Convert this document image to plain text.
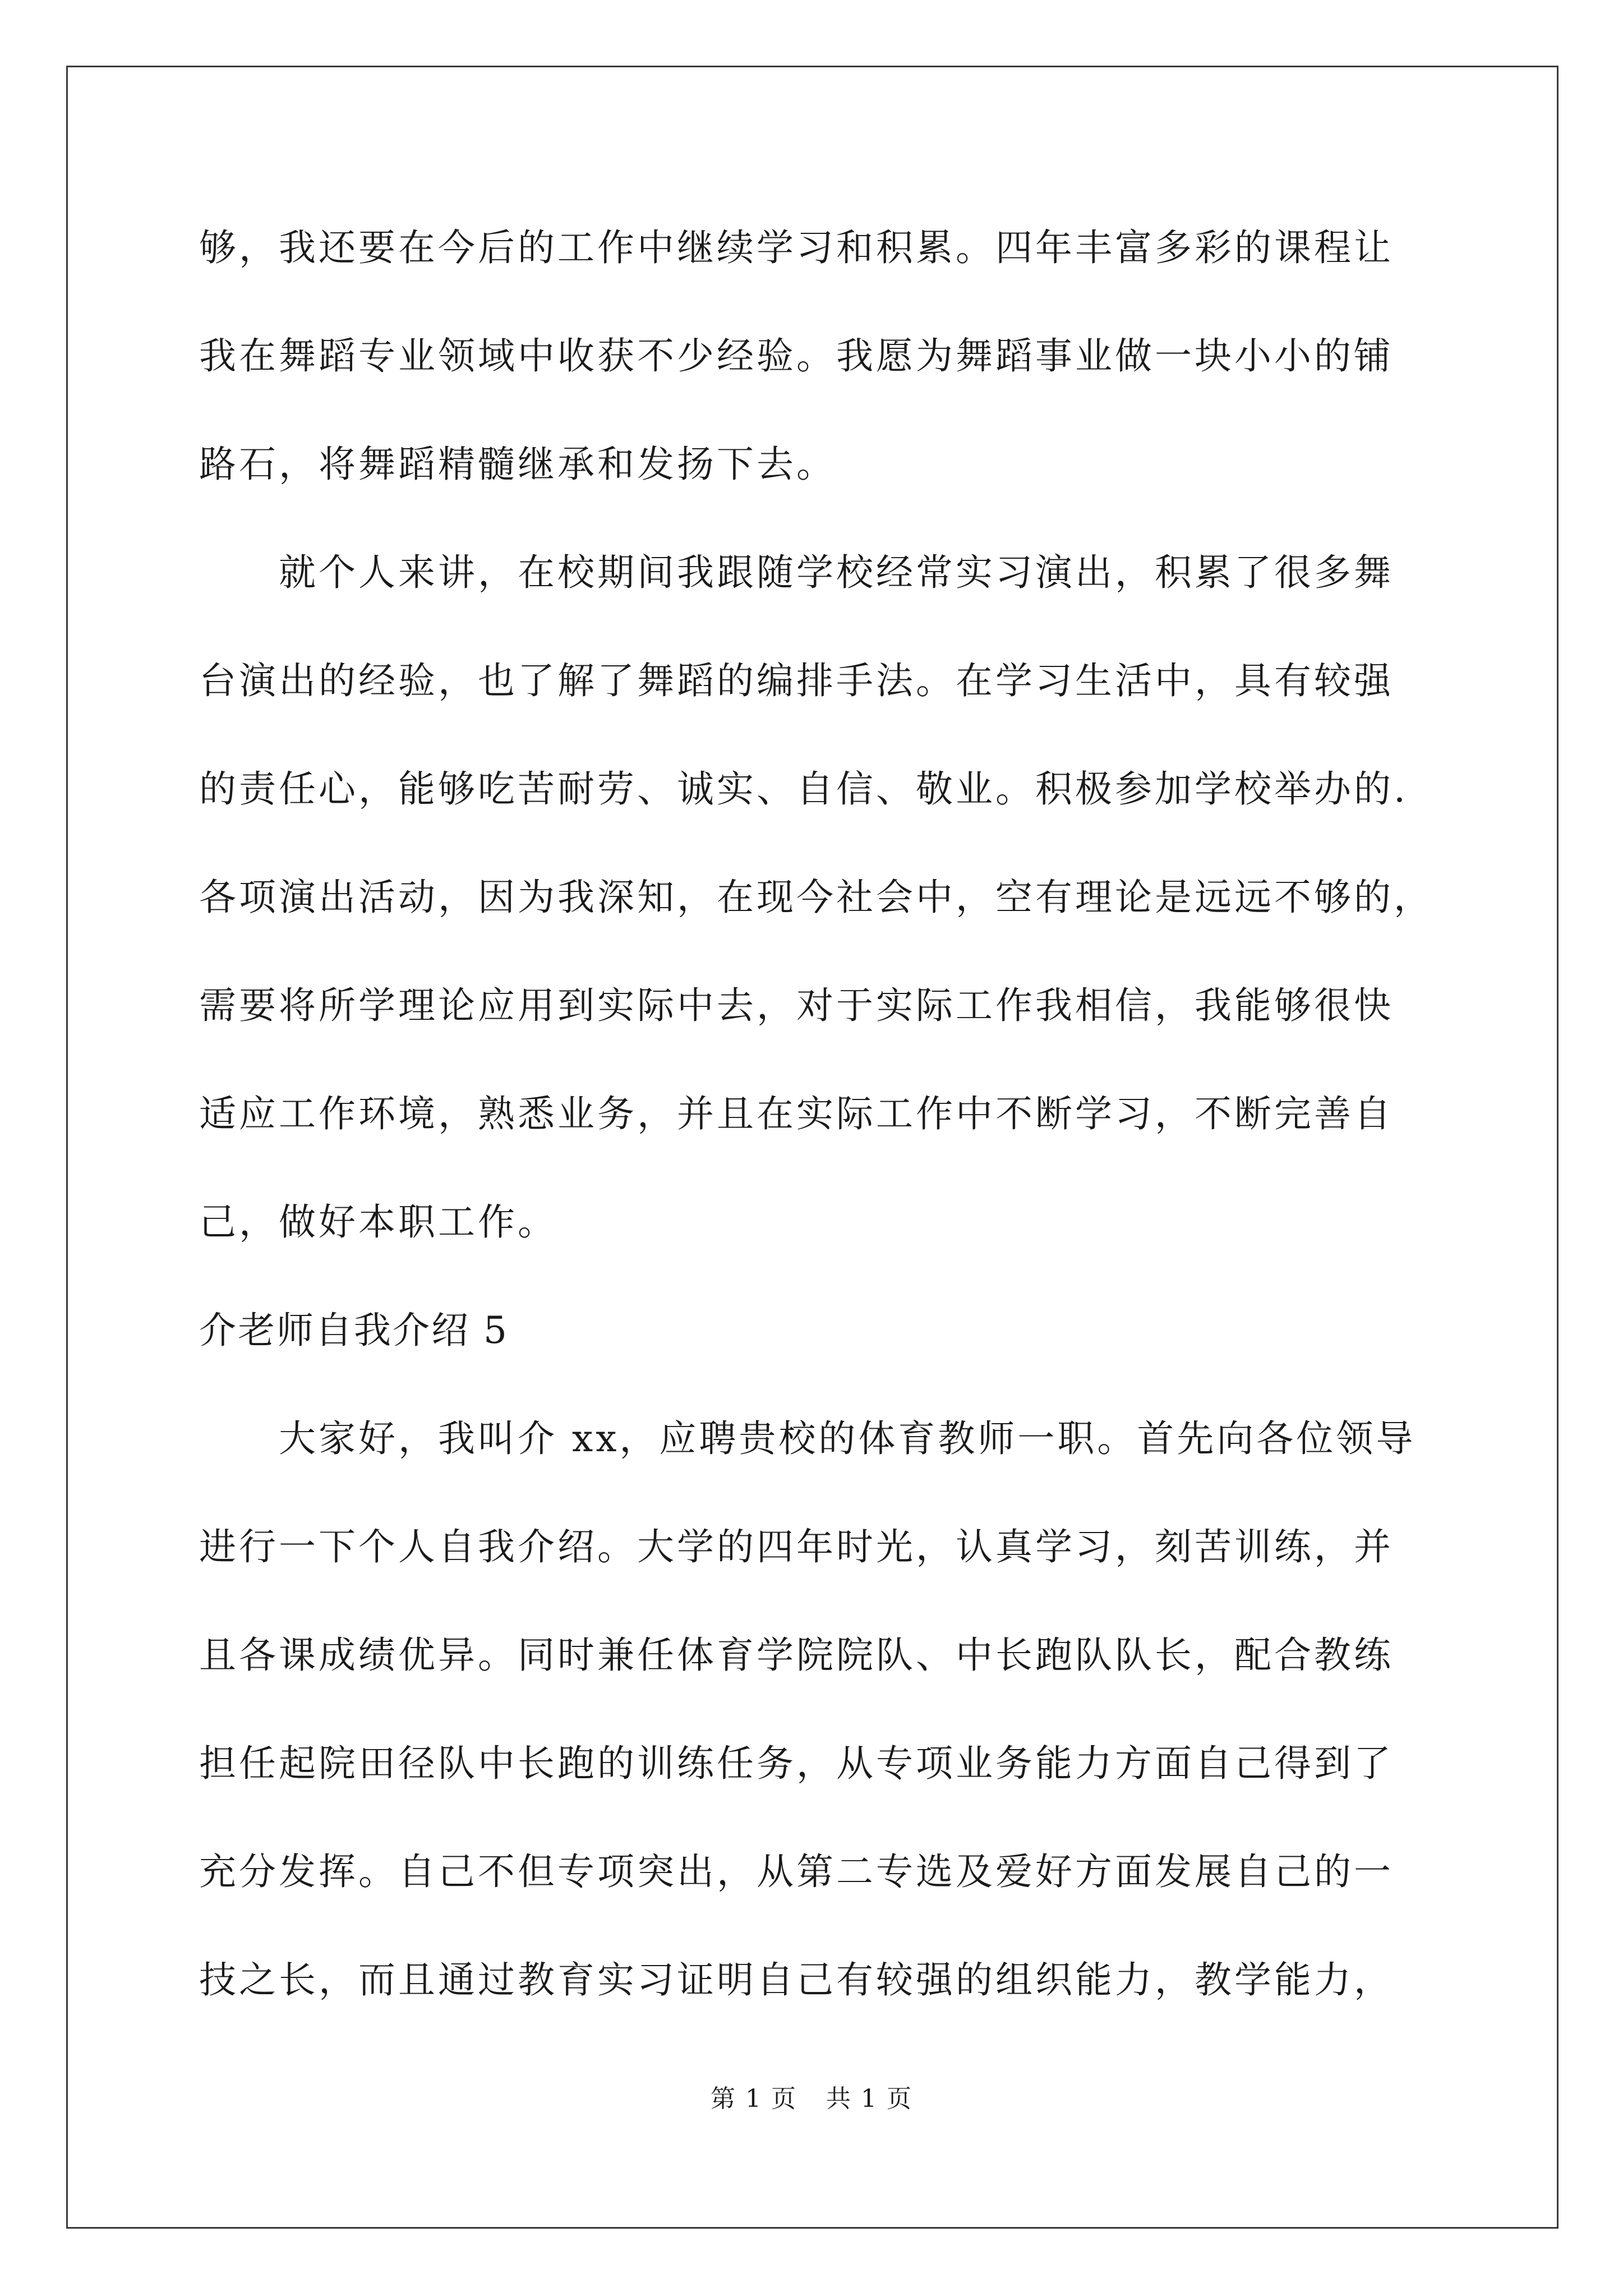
够，我还要在今后的工作中继续学习和积累。四年丰富多彩的课程让
我在舞蹈专业领域中收获不少经验。我愿为舞蹈事业做一块小小的铺
路石，将舞蹈精髓继承和发扬下去。
就个人来讲，在校期间我跟随学校经常实习演出，积累了很多舞
台演出的经验，也了解了舞蹈的编排手法。在学习生活中，具有较强
的责任心，能够吃苦耐劳、诚实、自信、敬业。积极参加学校举办的.
各项演出活动，因为我深知，在现今社会中，空有理论是远远不够的，
需要将所学理论应用到实际中去，对于实际工作我相信，我能够很快
适应工作环境，熟悉业务，并且在实际工作中不断学习，不断完善自
己，做好本职工作。
介老师自我介绍 5
大家好，我叫介 xx，应聘贵校的体育教师一职。首先向各位领导
进行一下个人自我介绍。大学的四年时光，认真学习，刻苦训练，并
且各课成绩优异。同时兼任体育学院院队、中长跑队队长，配合教练
担任起院田径队中长跑的训练任务，从专项业务能力方面自己得到了
充分发挥。自己不但专项突出，从第二专选及爱好方面发展自己的一
技之长，而且通过教育实习证明自己有较强的组织能力，教学能力，
第 1 页 共 1 页
